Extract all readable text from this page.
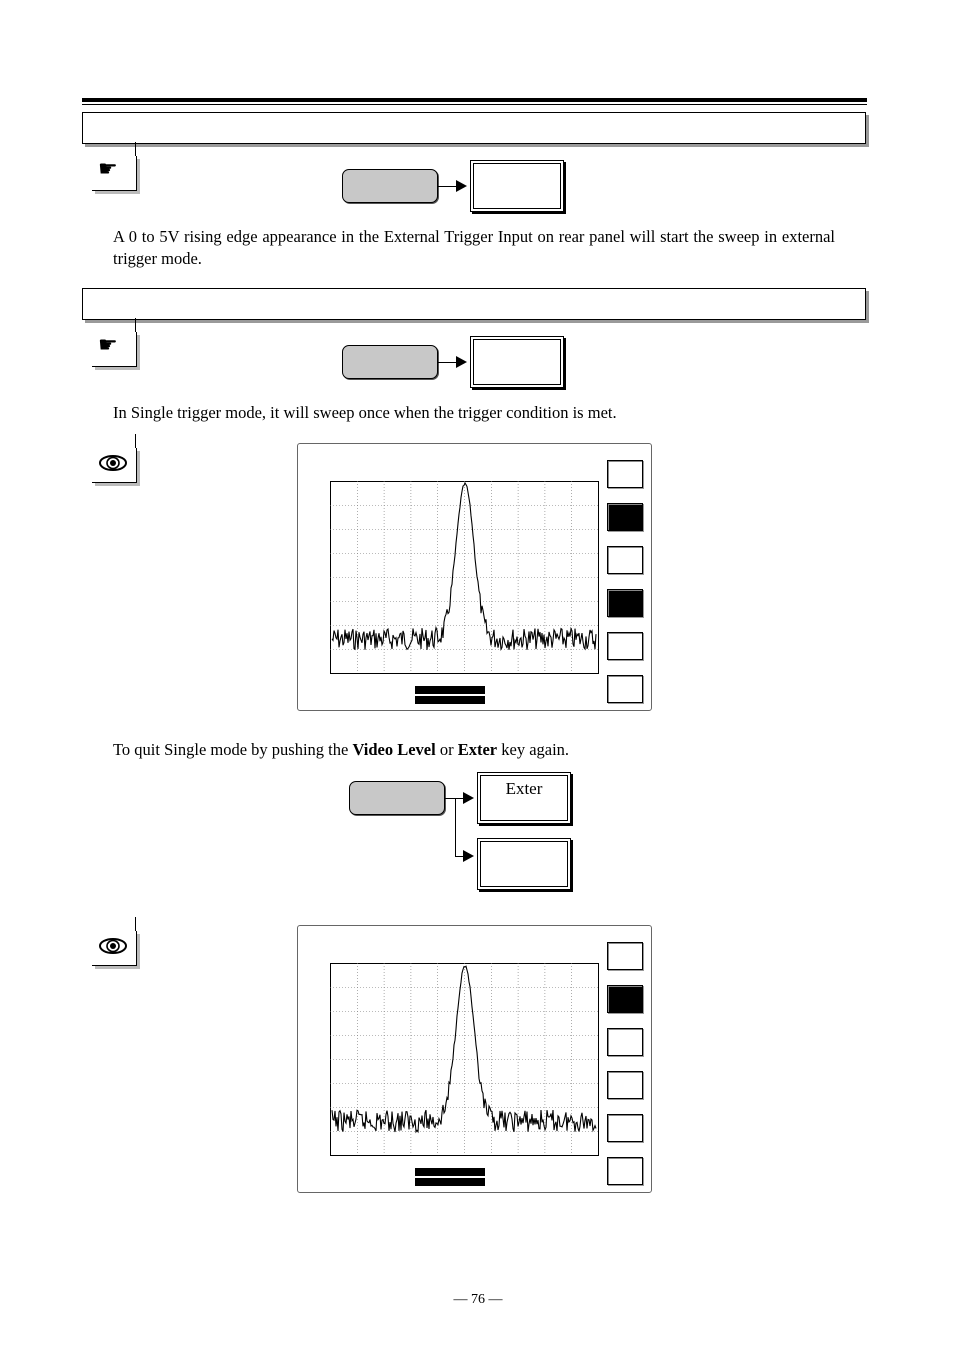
☛
A 0 to 5V rising edge appearance in the External Trigger Input on rear panel will start the sweep in external trigger mode.
☛
In Single trigger mode, it will sweep once when the trigger condition is met.
To quit Single mode by pushing the Video Level or Exter key again.
Exter
— 76 —
